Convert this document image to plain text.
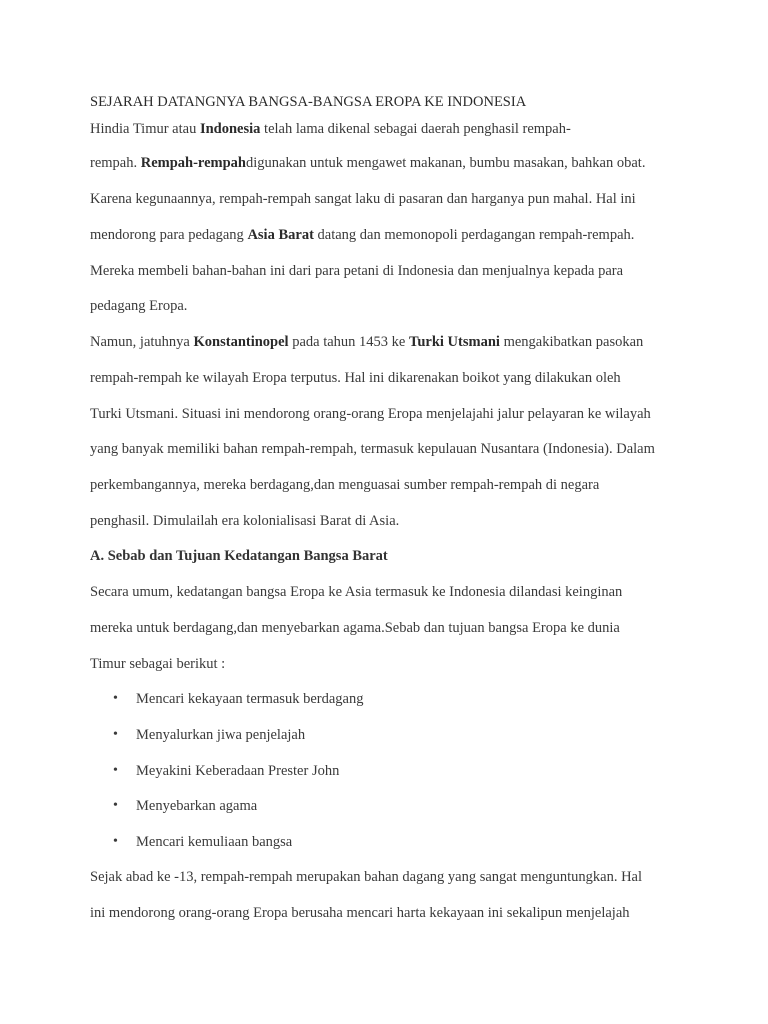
SEJARAH DATANGNYA BANGSA-BANGSA EROPA KE INDONESIA
Hindia Timur atau Indonesia telah lama dikenal sebagai daerah penghasil rempah-
rempah. Rempah-rempahdigunakan untuk mengawet makanan, bumbu masakan, bahkan obat.
Karena kegunaannya, rempah-rempah sangat laku di pasaran dan harganya pun mahal. Hal ini
mendorong para pedagang Asia Barat datang dan memonopoli perdagangan rempah-rempah.
Mereka membeli bahan-bahan ini dari para petani di Indonesia dan menjualnya kepada para
pedagang Eropa.
Namun, jatuhnya Konstantinopel pada tahun 1453 ke Turki Utsmani mengakibatkan pasokan
rempah-rempah ke wilayah Eropa terputus. Hal ini dikarenakan boikot yang dilakukan oleh
Turki Utsmani. Situasi ini mendorong orang-orang Eropa menjelajahi jalur pelayaran ke wilayah
yang banyak memiliki bahan rempah-rempah, termasuk kepulauan Nusantara (Indonesia). Dalam
perkembangannya, mereka berdagang,dan menguasai sumber rempah-rempah di negara
penghasil. Dimulailah era kolonialisasi Barat di Asia.
A. Sebab dan Tujuan Kedatangan Bangsa Barat
Secara umum, kedatangan bangsa Eropa ke Asia termasuk ke Indonesia dilandasi keinginan
mereka untuk berdagang,dan menyebarkan agama.Sebab dan tujuan bangsa Eropa ke dunia
Timur sebagai berikut :
• Mencari kekayaan termasuk berdagang
• Menyalurkan jiwa penjelajah
• Meyakini Keberadaan Prester John
• Menyebarkan agama
• Mencari kemuliaan bangsa
Sejak abad ke -13, rempah-rempah merupakan bahan dagang yang sangat menguntungkan. Hal
ini mendorong orang-orang Eropa berusaha mencari harta kekayaan ini sekalipun menjelajah
